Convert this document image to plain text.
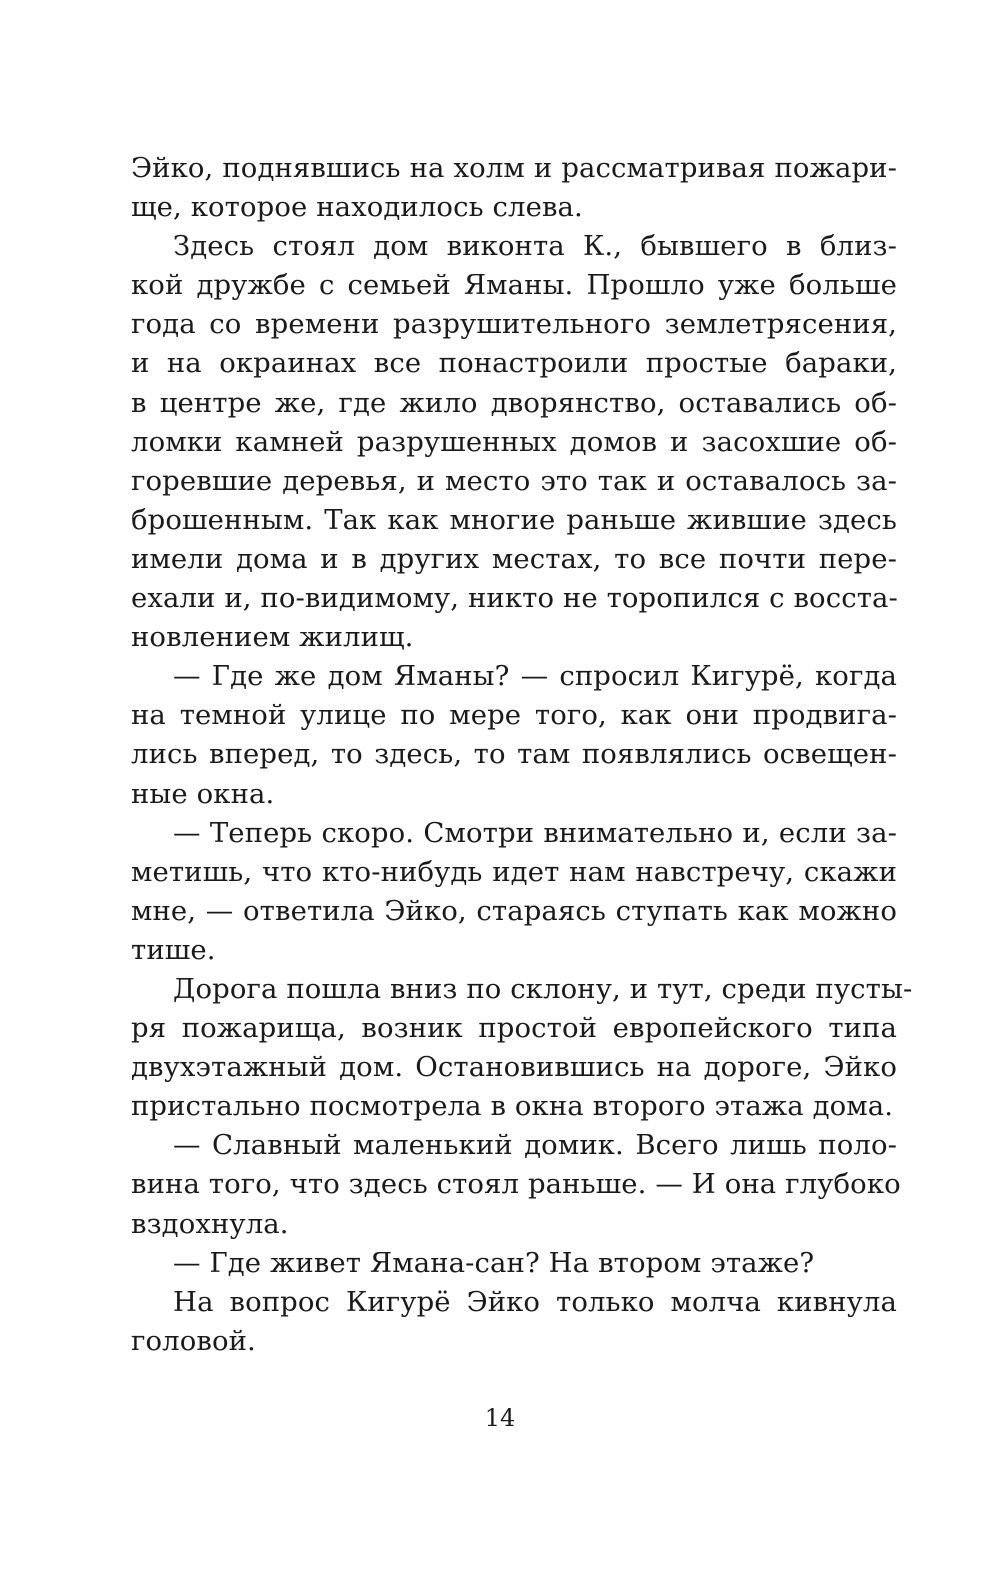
Эйко, поднявшись на холм и рассматривая пожари-
ще, которое находилось слева.
Здесь стоял дом виконта К., бывшего в близ-
кой дружбе с семьей Яманы. Прошло уже больше
года со времени разрушительного землетрясения,
и на окраинах все понастроили простые бараки,
в центре же, где жило дворянство, оставались об-
ломки камней разрушенных домов и засохшие об-
горевшие деревья, и место это так и оставалось за-
брошенным. Так как многие раньше жившие здесь
имели дома и в других местах, то все почти пере-
ехали и, по-видимому, никто не торопился с восста-
новлением жилищ.
— Где же дом Яманы? — спросил Кигурё, когда
на темной улице по мере того, как они продвига-
лись вперед, то здесь, то там появлялись освещен-
ные окна.
— Теперь скоро. Смотри внимательно и, если за-
метишь, что кто-нибудь идет нам навстречу, скажи
мне, — ответила Эйко, стараясь ступать как можно
тише.
Дорога пошла вниз по склону, и тут, среди пусты-
ря пожарища, возник простой европейского типа
двухэтажный дом. Остановившись на дороге, Эйко
пристально посмотрела в окна второго этажа дома.
— Славный маленький домик. Всего лишь поло-
вина того, что здесь стоял раньше. — И она глубоко
вздохнула.
— Где живет Ямана-сан? На втором этаже?
На вопрос Кигурё Эйко только молча кивнула
головой.
14
